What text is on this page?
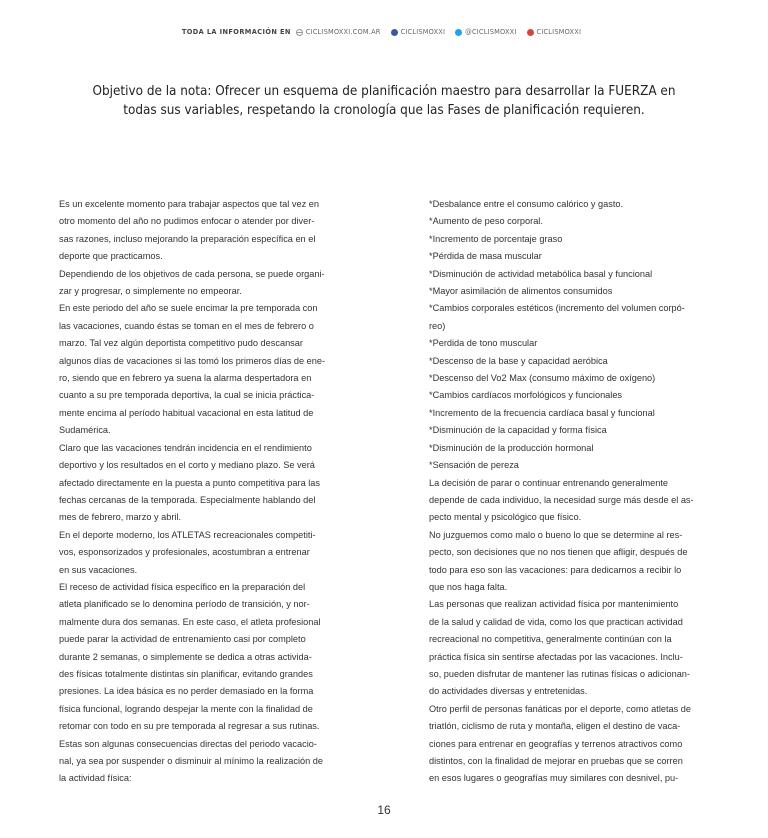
TODA LA INFORMACIÓN EN CICLISMOXXI.COM.AR	CICLISMOXXI	@CICLISMOXXI	CICLISMOXXI
Objetivo de la nota: Ofrecer un esquema de planificación maestro para desarrollar la FUERZA en
todas sus variables, respetando la cronología que las Fases de planificación requieren.

Es un excelente momento para trabajar aspectos que tal vez en

otro momento del año no pudimos enfocar o atender por diver-

sas razones, incluso mejorando la preparación específica en el

deporte que practicamos.

Dependiendo de los objetivos de cada persona, se puede organi-

zar y progresar, o simplemente no empeorar.

En este periodo del año se suele encimar la pre temporada con

las vacaciones, cuando éstas se toman en el mes de febrero o

marzo. Tal vez algún deportista competitivo pudo descansar

algunos días de vacaciones si las tomó los primeros días de ene-

ro, siendo que en febrero ya suena la alarma despertadora en

cuanto a su pre temporada deportiva, la cual se inicia práctica-

mente encima al período habitual vacacional en esta latitud de

Sudamérica.

Claro que las vacaciones tendrán incidencia en el rendimiento

deportivo y los resultados en el corto y mediano plazo. Se verá

afectado directamente en la puesta a punto competitiva para las

fechas cercanas de la temporada. Especialmente hablando del

mes de febrero, marzo y abril.

En el deporte moderno, los ATLETAS recreacionales competiti-

vos, esponsorizados y profesionales, acostumbran a entrenar

en sus vacaciones.

El receso de actividad física específico en la preparación del

atleta planificado se lo denomina período de transición, y nor-

malmente dura dos semanas. En este caso, el atleta profesional

puede parar la actividad de entrenamiento casi por completo

durante 2 semanas, o simplemente se dedica a otras activida-

des físicas totalmente distintas sin planificar, evitando grandes

presiones. La idea básica es no perder demasiado en la forma

física funcional, logrando despejar la mente con la finalidad de

retomar con todo en su pre temporada al regresar a sus rutinas.

Estas son algunas consecuencias directas del periodo vacacio-

nal, ya sea por suspender o disminuir al mínimo la realización de

la actividad física:

*Desbalance entre el consumo calórico y gasto.

*Aumento de peso corporal.

*Incremento de porcentaje graso

*Pérdida de masa muscular

*Disminución de actividad metabólica basal y funcional

*Mayor asimilación de alimentos consumidos

*Cambios corporales estéticos (incremento del volumen corpó-

reo)

*Perdida de tono muscular

*Descenso de la base y capacidad aeróbica

*Descenso del Vo2 Max (consumo máximo de oxígeno)

*Cambios cardíacos morfológicos y funcionales

*Incremento de la frecuencia cardíaca basal y funcional

*Disminución de la capacidad y forma física

*Disminución de la producción hormonal

*Sensación de pereza

La decisión de parar o continuar entrenando generalmente

depende de cada individuo, la necesidad surge más desde el as-

pecto mental y psicológico que físico.

No juzguemos como malo o bueno lo que se determine al res-

pecto, son decisiones que no nos tienen que afligir, después de

todo para eso son las vacaciones: para dedicarnos a recibir lo

que nos haga falta.

Las personas que realizan actividad física por mantenimiento

de la salud y calidad de vida, como los que practican actividad

recreacional no competitiva, generalmente continúan con la

práctica física sin sentirse afectadas por las vacaciones. Inclu-

so, pueden disfrutar de mantener las rutinas físicas o adicionan-

do actividades diversas y entretenidas.

Otro perfil de personas fanáticas por el deporte, como atletas de

triatlón, ciclismo de ruta y montaña, eligen el destino de vaca-

ciones para entrenar en geografías y terrenos atractivos como

distintos, con la finalidad de mejorar en pruebas que se corren

en esos lugares o geografías muy similares con desnivel, pu-

16
